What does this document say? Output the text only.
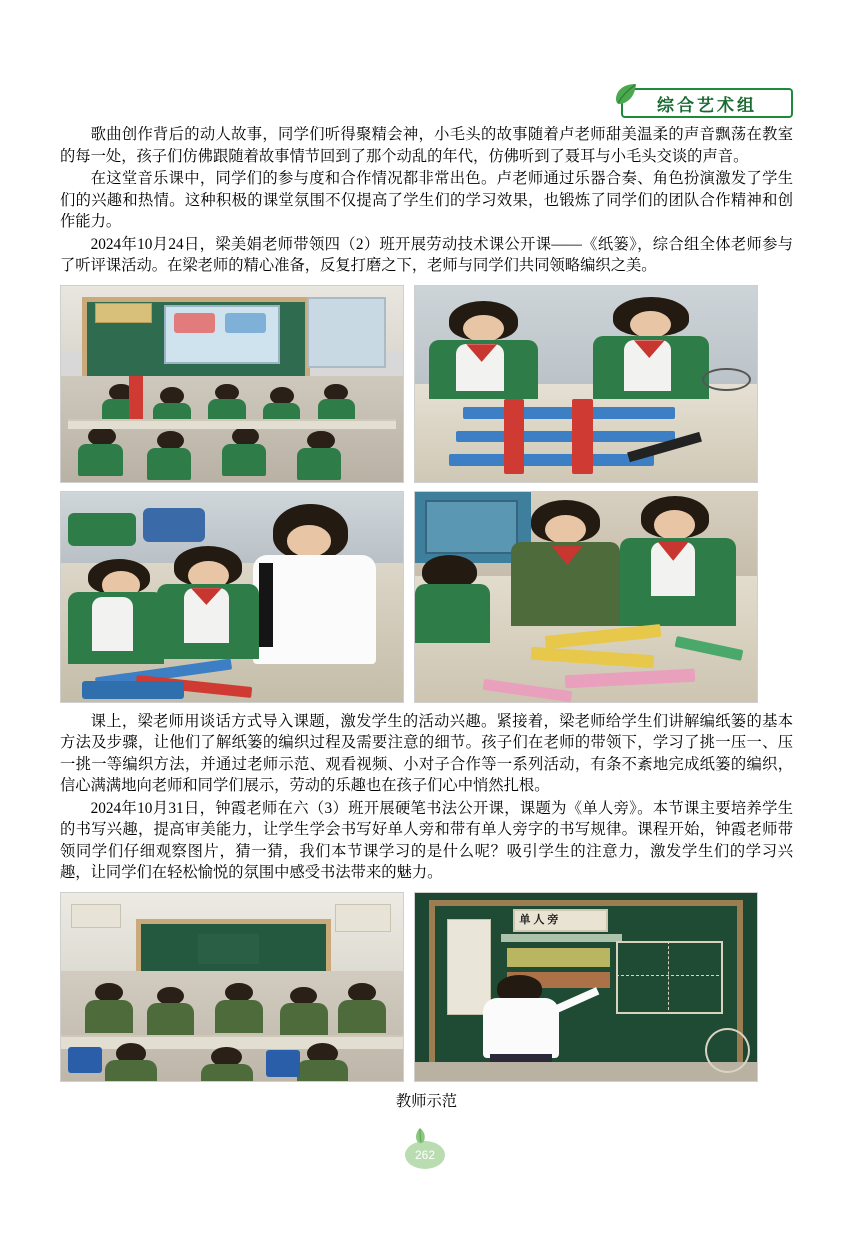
综合艺术组

歌曲创作背后的动人故事，同学们听得聚精会神，小毛头的故事随着卢老师甜美温柔的声音飘荡在教室的每一处，孩子们仿佛跟随着故事情节回到了那个动乱的年代，仿佛听到了聂耳与小毛头交谈的声音。

在这堂音乐课中，同学们的参与度和合作情况都非常出色。卢老师通过乐器合奏、角色扮演激发了学生们的兴趣和热情。这种积极的课堂氛围不仅提高了学生们的学习效果，也锻炼了同学们的团队合作精神和创作能力。

2024年10月24日，梁美娟老师带领四（2）班开展劳动技术课公开课——《纸篓》，综合组全体老师参与了听评课活动。在梁老师的精心准备，反复打磨之下，老师与同学们共同领略编织之美。

课上，梁老师用谈话方式导入课题，激发学生的活动兴趣。紧接着，梁老师给学生们讲解编纸篓的基本方法及步骤，让他们了解纸篓的编织过程及需要注意的细节。孩子们在老师的带领下，学习了挑一压一、压一挑一等编织方法，并通过老师示范、观看视频、小对子合作等一系列活动，有条不紊地完成纸篓的编织，信心满满地向老师和同学们展示，劳动的乐趣也在孩子们心中悄然扎根。

2024年10月31日，钟霞老师在六（3）班开展硬笔书法公开课，课题为《单人旁》。本节课主要培养学生的书写兴趣，提高审美能力，让学生学会书写好单人旁和带有单人旁字的书写规律。课程开始，钟霞老师带领同学们仔细观察图片，猜一猜，我们本节课学习的是什么呢？吸引学生的注意力，激发学生们的学习兴趣，让同学们在轻松愉悦的氛围中感受书法带来的魅力。

单人旁
教师示范
262
